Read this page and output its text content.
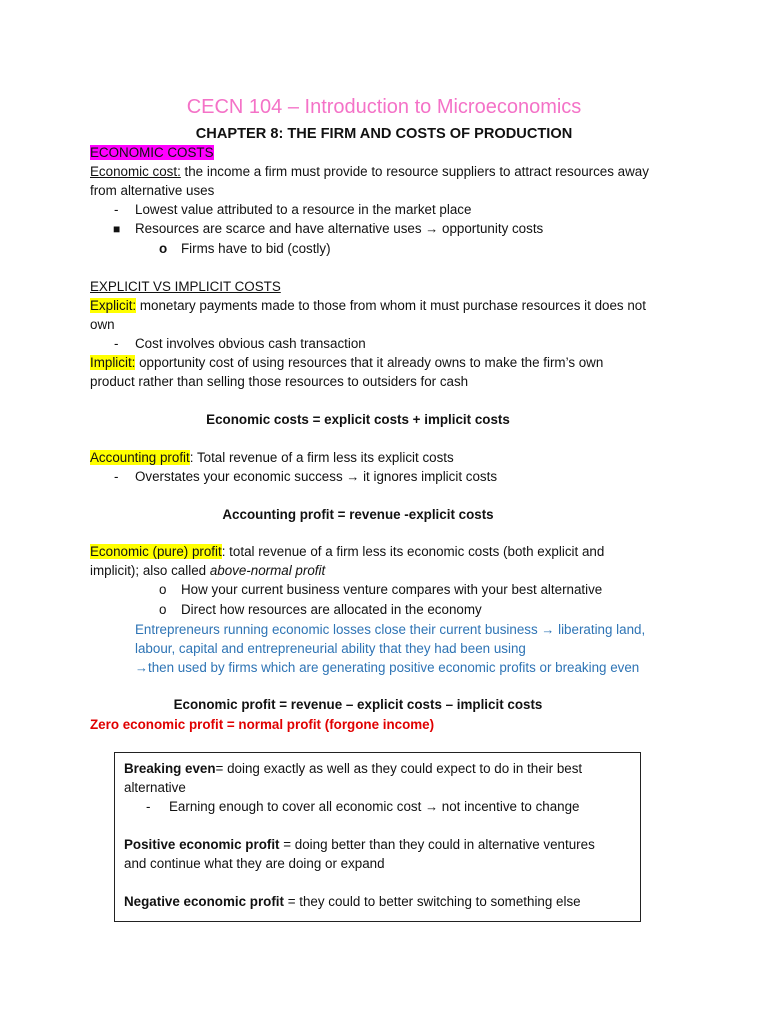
CECN 104 – Introduction to Microeconomics
CHAPTER 8: THE FIRM AND COSTS OF PRODUCTION
ECONOMIC COSTS
Economic cost: the income a firm must provide to resource suppliers to attract resources away
from alternative uses
- Lowest value attributed to a resource in the market place
■ Resources are scarce and have alternative uses → opportunity costs
o Firms have to bid (costly)
EXPLICIT VS IMPLICIT COSTS
Explicit: monetary payments made to those from whom it must purchase resources it does not
own
- Cost involves obvious cash transaction
Implicit: opportunity cost of using resources that it already owns to make the firm’s own
product rather than selling those resources to outsiders for cash
Economic costs = explicit costs + implicit costs
Accounting profit: Total revenue of a firm less its explicit costs
- Overstates your economic success → it ignores implicit costs
Accounting profit = revenue -explicit costs
Economic (pure) profit: total revenue of a firm less its economic costs (both explicit and
implicit); also called above-normal profit
o How your current business venture compares with your best alternative
o Direct how resources are allocated in the economy
Entrepreneurs running economic losses close their current business → liberating land,
labour, capital and entrepreneurial ability that they had been using
→then used by firms which are generating positive economic profits or breaking even
Economic profit = revenue – explicit costs – implicit costs
Zero economic profit = normal profit (forgone income)
Breaking even= doing exactly as well as they could expect to do in their best
alternative
- Earning enough to cover all economic cost → not incentive to change
Positive economic profit = doing better than they could in alternative ventures
and continue what they are doing or expand
Negative economic profit = they could to better switching to something else
